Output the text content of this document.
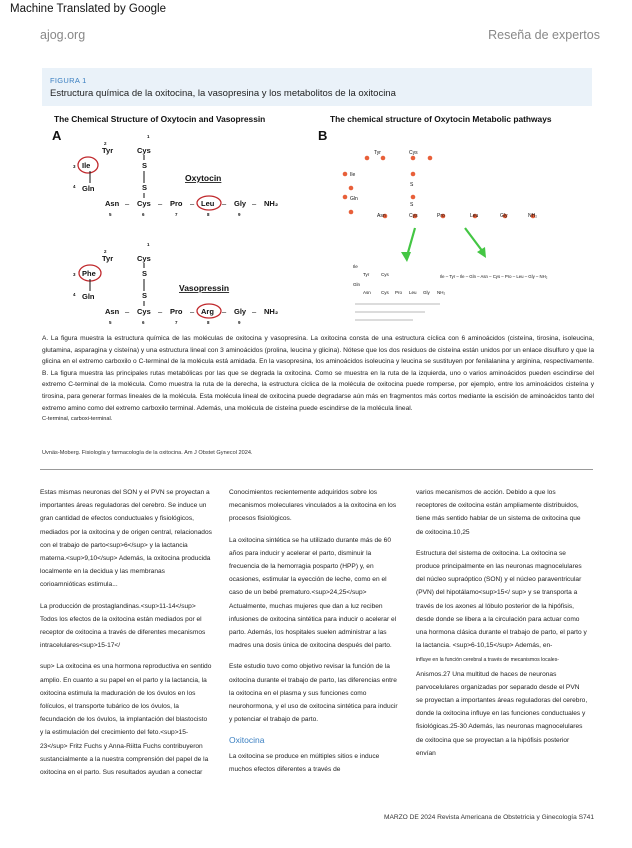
Machine Translated by Google
ajog.org	Reseña de expertos
FIGURA 1
Estructura química de la oxitocina, la vasopresina y los metabolitos de la oxitocina
The Chemical Structure of Oxytocin and Vasopressin	The chemical structure of Oxytocin Metabolic pathways
A	B
2
1
Tyr	Cys
3 Ile	S
S
4 Gln
Oxytocin
Asn Cys	Pro Leu	Gly NH₂
–	–	–	–	–
5	6	7	8	9
2
1
Tyr	Cys
3 Phe	S
S
4 Gln
Vasopressin
Asn Cys	Pro Arg	Gly NH₂
–	–	–	–	–
5	6	7	8	9
Tyr	Cys
Ile
S
S
Gln
Asn	Cys	Pro	Leu	Gly	NH₂
Ile
Tyr	Cys
Gln
Asn Cys Pro Leu Gly NH₂
Ile – Tyr – Ile – Gln – Asn – Cys – Pro – Leu – Gly – NH₂

A. La figura muestra la estructura química de las moléculas de oxitocina y vasopresina. La oxitocina consta de una estructura cíclica con 6 aminoácidos (cisteína, tirosina, isoleucina, glutamina, asparagina y cisteína) y una estructura lineal con 3 aminoácidos (prolina, leucina y glicina). Nótese que los dos residuos de cisteína están unidos por un enlace disulfuro y que la glicina en el extremo carboxilo o C-terminal de la molécula está amidada. En la vasopresina, los aminoácidos isoleucina y leucina se sustituyen por fenilalanina y arginina, respectivamente. B. La figura muestra las principales rutas metabólicas por las que se degrada la oxitocina. Como se muestra en la ruta de la izquierda, uno o varios aminoácidos pueden escindirse del extremo C-terminal de la molécula. Como muestra la ruta de la derecha, la estructura cíclica de la molécula de oxitocina puede romperse, por ejemplo, entre los aminoácidos cisteína y tirosina, para generar formas lineales de la molécula. Esta molécula lineal de oxitocina puede degradarse aún más en fragmentos más cortos mediante la escisión de aminoácidos tanto del extremo amino como del extremo carboxilo terminal. Además, una molécula de cisteína puede escindirse de la molécula lineal.

C-terminal, carboxi-terminal.

Uvnäs-Moberg. Fisiología y farmacología de la oxitocina. Am J Obstet Gynecol 2024.

Estas mismas neuronas del SON y el PVN se proyectan a importantes áreas reguladoras del cerebro. Se induce un gran cantidad de efectos conductuales y fisiológicos, mediados por la oxitocina y de origen central, relacionados con el trabajo de parto<sup>6</sup> y la lactancia materna.<sup>9,10</sup> Además, la oxitocina producida localmente en la decidua y las membranas corioamnióticas estimula...

La producción de prostaglandinas.<sup>11-14</sup> Todos los efectos de la oxitocina están mediados por el receptor de oxitocina a través de diferentes mecanismos intracelulares<sup>15-17</

sup> La oxitocina es una hormona reproductiva en sentido amplio. En cuanto a su papel en el parto y la lactancia, la oxitocina estimula la maduración de los óvulos en los folículos, el transporte tubárico de los óvulos, la fecundación de los óvulos, la implantación del blastocisto y la estimulación del crecimiento del feto.<sup>15-23</sup> Fritz Fuchs y Anna-Riitta Fuchs contribuyeron sustancialmente a la nuestra comprensión del papel de la oxitocina en el parto. Sus resultados ayudan a conectar

Conocimientos recientemente adquiridos sobre los mecanismos moleculares vinculados a la oxitocina en los procesos fisiológicos.

La oxitocina sintética se ha utilizado durante más de 60 años para inducir y acelerar el parto, disminuir la frecuencia de la hemorragia posparto (HPP) y, en ocasiones, estimular la eyección de leche, como en el caso de un bebé prematuro.<sup>24,25</sup> Actualmente, muchas mujeres que dan a luz reciben infusiones de oxitocina sintética para inducir o acelerar el parto. Además, los hospitales suelen administrar a las madres una dosis única de oxitocina después del parto.

Este estudio tuvo como objetivo revisar la función de la oxitocina durante el trabajo de parto, las diferencias entre la oxitocina en el plasma y sus funciones como neurohormona, y el uso de oxitocina sintética para inducir y potenciar el trabajo de parto.

Oxitocina

La oxitocina se produce en múltiples sitios e induce muchos efectos diferentes a través de

varios mecanismos de acción. Debido a que los receptores de oxitocina están ampliamente distribuidos, tiene más sentido hablar de un sistema de oxitocina que de oxitocina.10,25

Estructura del sistema de oxitocina. La oxitocina se produce principalmente en las neuronas magnocelulares del núcleo supraóptico (SON) y el núcleo paraventricular (PVN) del hipotálamo<sup>15</ sup> y se transporta a través de los axones al lóbulo posterior de la hipófisis, desde donde se libera a la circulación para actuar como una hormona clásica durante el trabajo de parto, el parto y la lactancia. <sup>6-10,15</sup> Además, en-

influye en la función cerebral a través de mecanismos locales-

Anismos.27 Una multitud de haces de neuronas parvocelulares organizadas por separado desde el PVN se proyectan a importantes áreas reguladoras del cerebro, donde la oxitocina influye en las funciones conductuales y fisiológicas.25-30 Además, las neuronas magnocelulares de oxitocina que se proyectan a la hipófisis posterior envían

MARZO DE 2024 Revista Americana de Obstetricia y Ginecología S741
